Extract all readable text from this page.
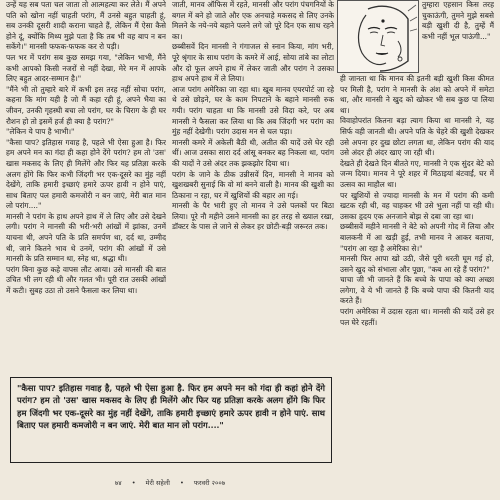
उन्हें यह सब पता चल जाता तो आत्महत्या कर लेते। मैं अपने पति को खोना नहीं चाहती परांग, मैं उनसे बहुत चाहती हूं, सब उनकी दूसरी शादी कराना चाहते हैं, लेकिन मैं ऐसा कैसे होने दूं, क्योंकि मिथ्य मुझे पता है कि तब भी वह बाप न बन सकेंगे।" मानसी फफक-फफक कर रो पड़ी।

पल भर में परांग सब कुछ समझ गया, "लेकिन भाभी, मैंने कभी आपको किसी नजरों से नहीं देखा, मेरे मन में आपके लिए बहुत आदर-सम्मान है।"

"मैंने भी तो तुम्हारे बारे में कभी इस तरह नहीं सोचा परांग, कहना कि मांग यही है जो मैं कहा रही हूं, अपने भैया का जीवन, उनकी गृहस्थी बचा लो परांग, घर के चिराग के ही घर रौशन हो तो इसमें हर्ज ही क्या है परांग?"

"लेकिन ये पाप है भाभी।"

"कैसा पाप? इतिहास गवाह है, पहले भी ऐसा हुआ है। फिर हम अपने मन का गंदा ही कहा होने देंगे परांग? हम तो 'उस' खास मकसद के लिए ही मिलेंगे और फिर यह प्रतिज्ञा करके अलग होंगे कि फिर कभी जिंदगी भर एक-दूसरे का मुंह नहीं देखेंगे, ताकि हमारी इच्छाएं हमारे ऊपर हावी न होने पाएं, साथ बिताए पल हमारी कमजोरी न बन जाएं, मेरी बात मान लो परांग...."

मानसी ने परांग के हाथ अपने हाथ में ले लिए और उसे देखने लगी। परांग ने मानसी की भरी-भरी आंखों में झांका, उनमें याचना थी, अपने पति के प्रति समर्पण था, दर्द था, उम्मीद थी, जाने कितने भाव थे उनमें, परांग की आंखों में उसे मानसी के प्रति सम्मान था, स्नेह था, श्रद्धा थी।

परांग बिना कुछ कहे वापस लौट आया। उसे मानसी की बात उचित भी लग रही थी और गलत भी। पूरी रात उसकी आंखों में कटी। सुबह उठा तो उसने फैसला कर लिया था।

जाती, मानव ऑफिस में रहते, मानसी और परांग पंचगनियों के बगल में बने हो जाते और एक अनचाहे मकसद से लिए उनके मिलने के नये-नये बहाने पलने लगे जो पूरे दिन एक साथ रहने का।

छब्बीसवें दिन मानसी ने गंगाजल से स्नान किया, मांग भरी, पूरे श्रृंगार के साथ परांग के कमरे में आई, सोया तांबे का लोटा और दो फूल अपने हाथ में लेकर जाती और परांग ने उसका हाथ अपने हाथ में ले लिया।

आज परांग अमेरिका जा रहा था। खूब मानव एयरपोर्ट जा रहे थे उसे छोड़ने, घर के काम निपटाने के बहाने मानसी रुक गयी। परांग चाहता था कि मानसी उसे विदा करे, पर अब मानसी ने फैसला कर लिया था कि अब जिंदगी भर परांग का मुंह नहीं देखेगी। परांग उदास मन से चल पड़ा।

मानसी कमरे में अकेली बैठी थी, अतीत की यादें उसे घेर रही थीं। आज उसका सारा दर्द आंसू बनकर बह निकला था, परांग की यादों ने उसे अंदर तक झकझोर दिया था।

परांग के जाने के ठीक उन्नीसवें दिन, मानसी ने मानव को खुशखबरी सुनाई कि वो मां बनने वाली है। मानव की खुशी का ठिकाना न रहा, घर में खुशियों की बहार आ गई।

मानसी के पैर भारी हुए तो मानव ने उसे पलकों पर बिठा लिया। पूरे नौ महीने उसने मानसी का हर तरह से ख्याल रखा, डॉक्टर के पास ले जाने से लेकर हर छोटी-बड़ी जरूरत तक।

तुम्हारा एहसान किस तरह चुकाऊंगी, तुमने मुझे सबसे बड़ी खुशी दी है, तुम्हें मैं कभी नहीं भूल पाऊंगी..."

ही जानता था कि मानव की इतनी बड़ी खुशी किस कीमत पर मिली है, परांग ने मानसी के अंश को अपने में समेटा था, और मानसी ने खुद को खोकर भी सब कुछ पा लिया था।

विवाहोपरांत कितना बड़ा त्याग किया था मानसी ने, यह सिर्फ वही जानती थी। अपने पति के चेहरे की खुशी देखकर उसे अपना हर दुख छोटा लगता था, लेकिन परांग की याद उसे अंदर ही अंदर खाए जा रही थी।

देखते ही देखते दिन बीतते गए, मानसी ने एक सुंदर बेटे को जन्म दिया। मानव ने पूरे शहर में मिठाइयां बंटवाईं, घर में उत्सव का माहौल था।

पर खुशियों से ज्यादा मानसी के मन में परांग की कमी खटक रही थी, वह चाहकर भी उसे भुला नहीं पा रही थी। उसका हृदय एक अनजाने बोझ से दबा जा रहा था।

छब्बीसवें महीने मानसी ने बेटे को अपनी गोद में लिया और बालकनी में आ खड़ी हुई, तभी मानव ने आकर बताया, "परांग आ रहा है अमेरिका से।"

मानसी फिर आपा खो उठी, जैसे पूरी धरती घूम गई हो, उसने खुद को संभाला और पूछा, "कब आ रहे हैं परांग?"

चाचा जी भी जानते हैं कि बच्चे के पापा को क्या अच्छा लगेगा, वे ये भी जानते हैं कि बच्चे पापा की कितनी याद करते हैं।

परांग अमेरिका में उदास रहता था। मानसी की यादें उसे हर पल घेरे रहतीं।

"कैसा पाप? इतिहास गवाह है, पहले भी ऐसा हुआ है. फिर हम अपने मन को गंदा ही कहां होने देंगे परांग? हम तो 'उस' खास मकसद के लिए ही मिलेंगे और फिर यह प्रतिज्ञा करके अलग होंगे कि फिर हम जिंदगी भर एक-दूसरे का मुंह नहीं देखेंगे, ताकि हमारी इच्छाएं हमारे ऊपर हावी न होने पाएं. साथ बिताए पल हमारी कमजोरी न बन जाएं. मेरी बात मान लो परांग...."
७४ • मेरी सहेली • फरवरी २००७
